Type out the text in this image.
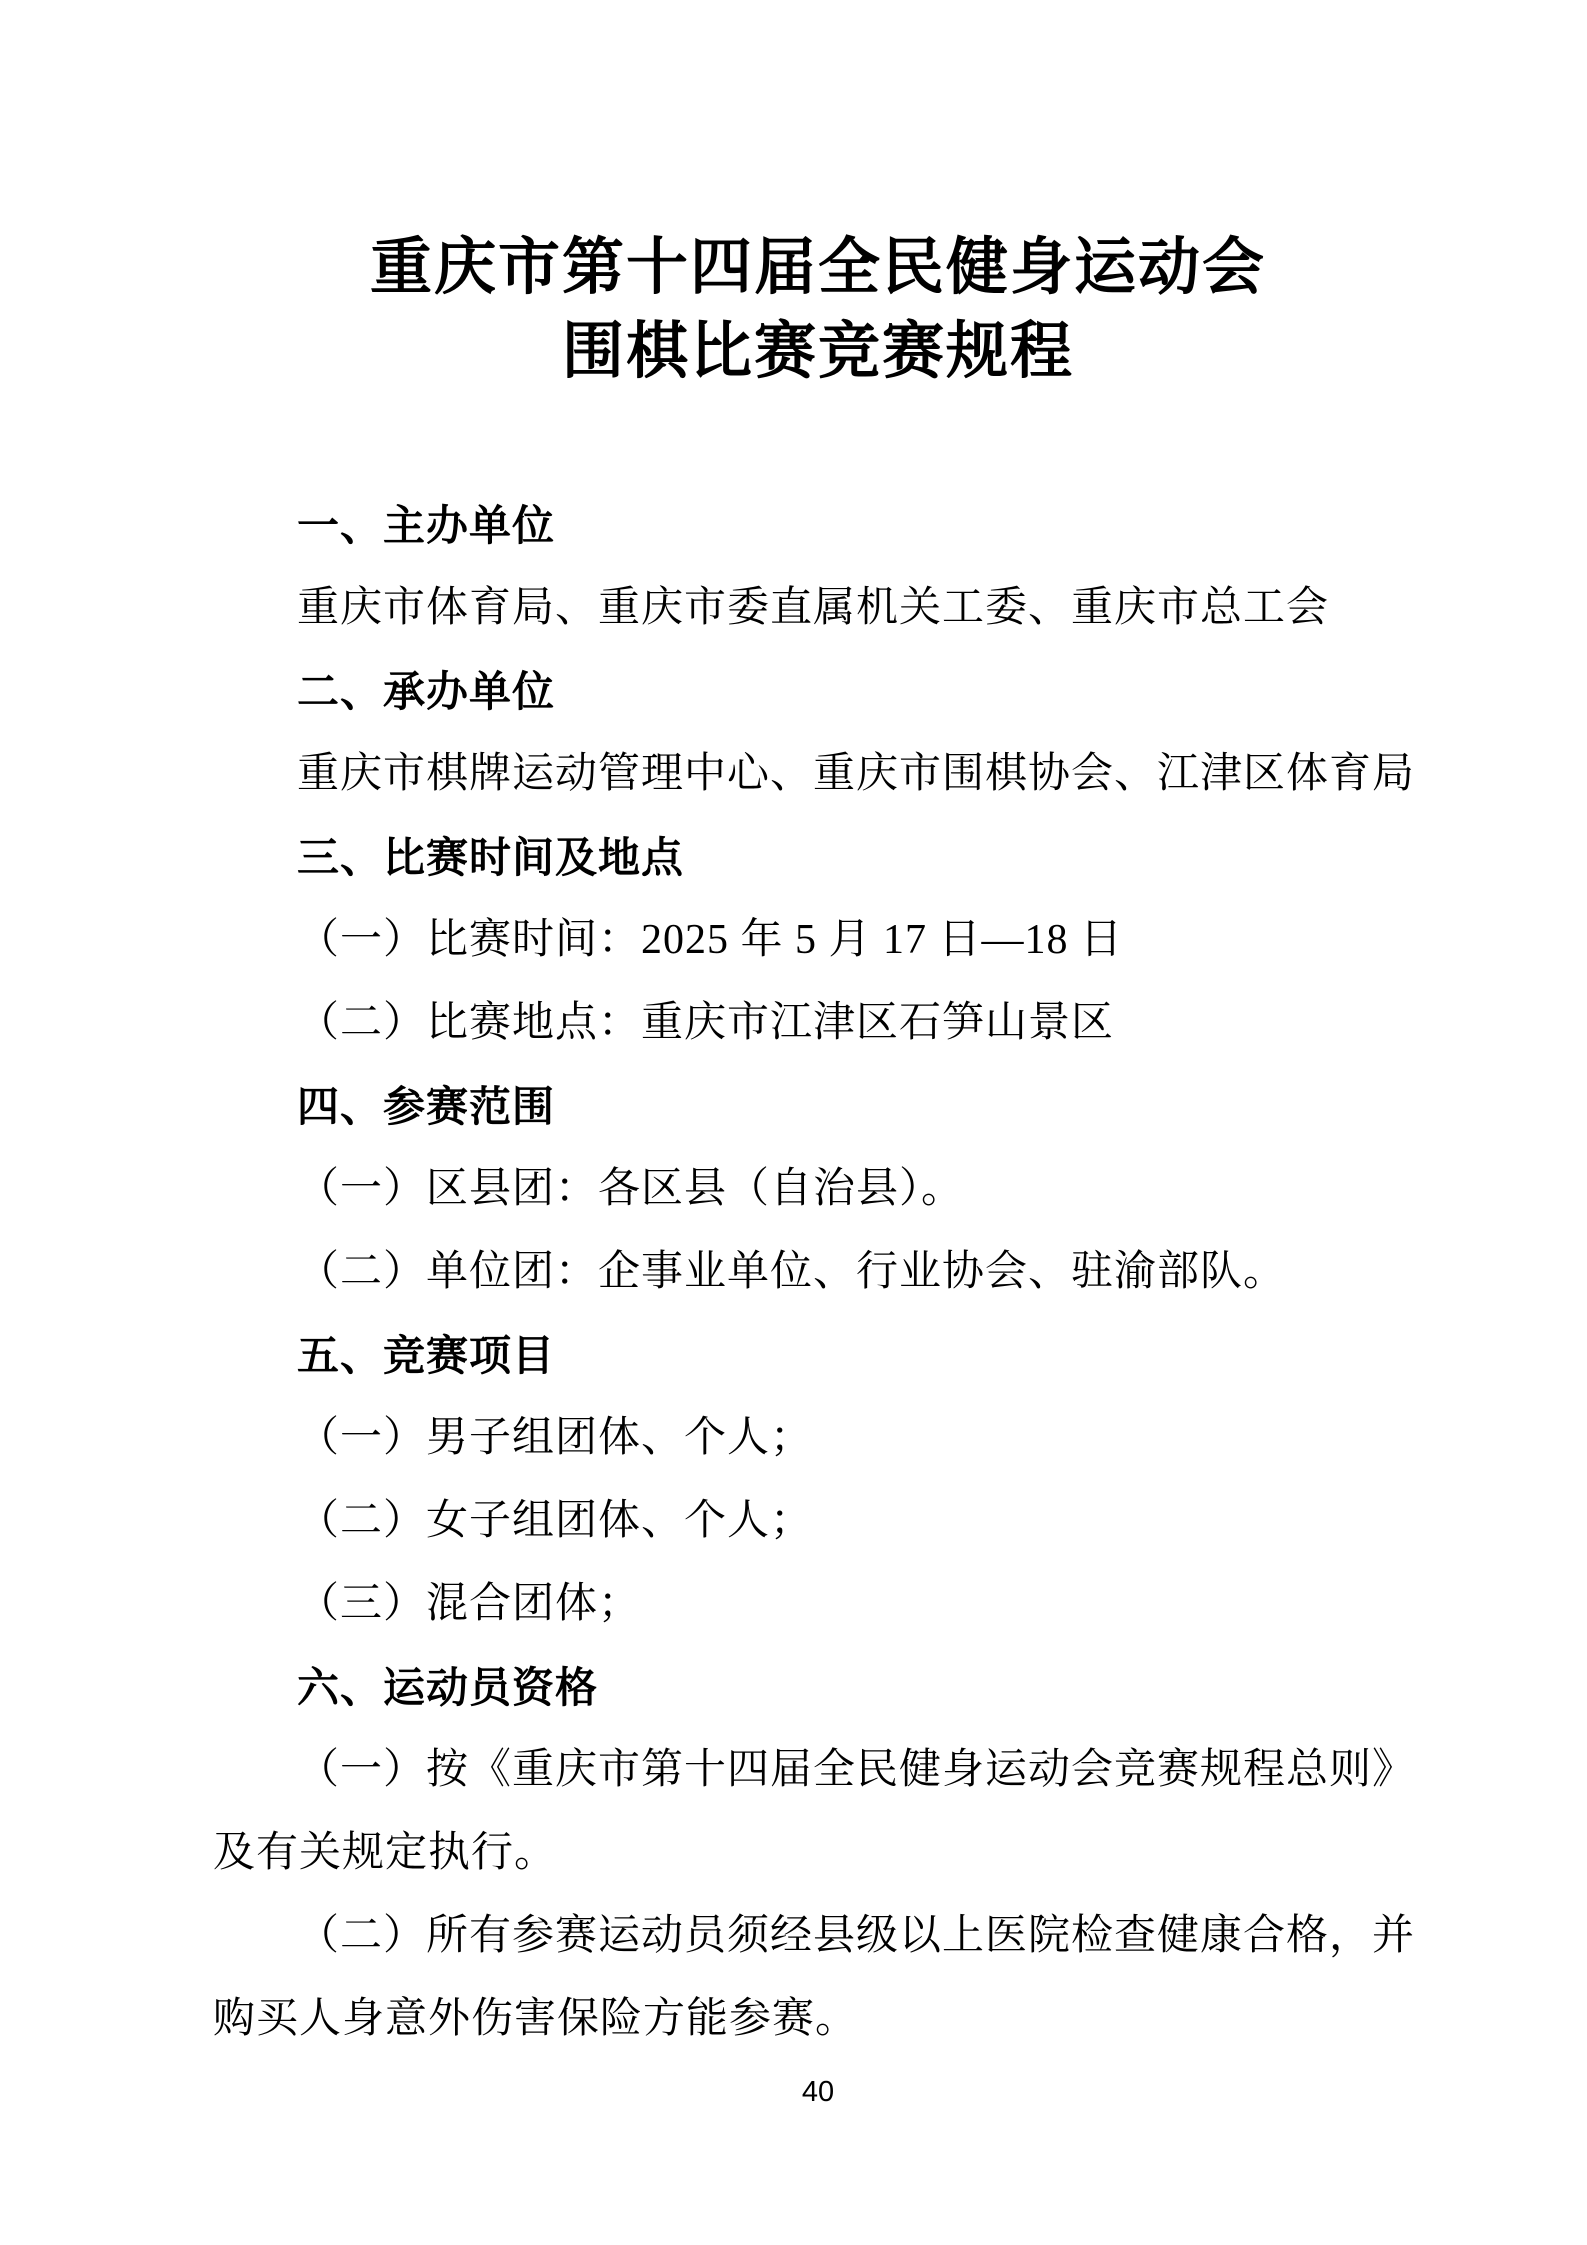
重庆市第十四届全民健身运动会
围棋比赛竞赛规程
一、主办单位
重庆市体育局、重庆市委直属机关工委、重庆市总工会
二、承办单位
重庆市棋牌运动管理中心、重庆市围棋协会、江津区体育局
三、比赛时间及地点
（一）比赛时间：2025 年 5 月 17 日—18 日
（二）比赛地点：重庆市江津区石笋山景区
四、参赛范围
（一）区县团：各区县（自治县）。
（二）单位团：企事业单位、行业协会、驻渝部队。
五、竞赛项目
（一）男子组团体、个人；
（二）女子组团体、个人；
（三）混合团体；
六、运动员资格
（一）按《重庆市第十四届全民健身运动会竞赛规程总则》
及有关规定执行。
（二）所有参赛运动员须经县级以上医院检查健康合格，并
购买人身意外伤害保险方能参赛。
40
